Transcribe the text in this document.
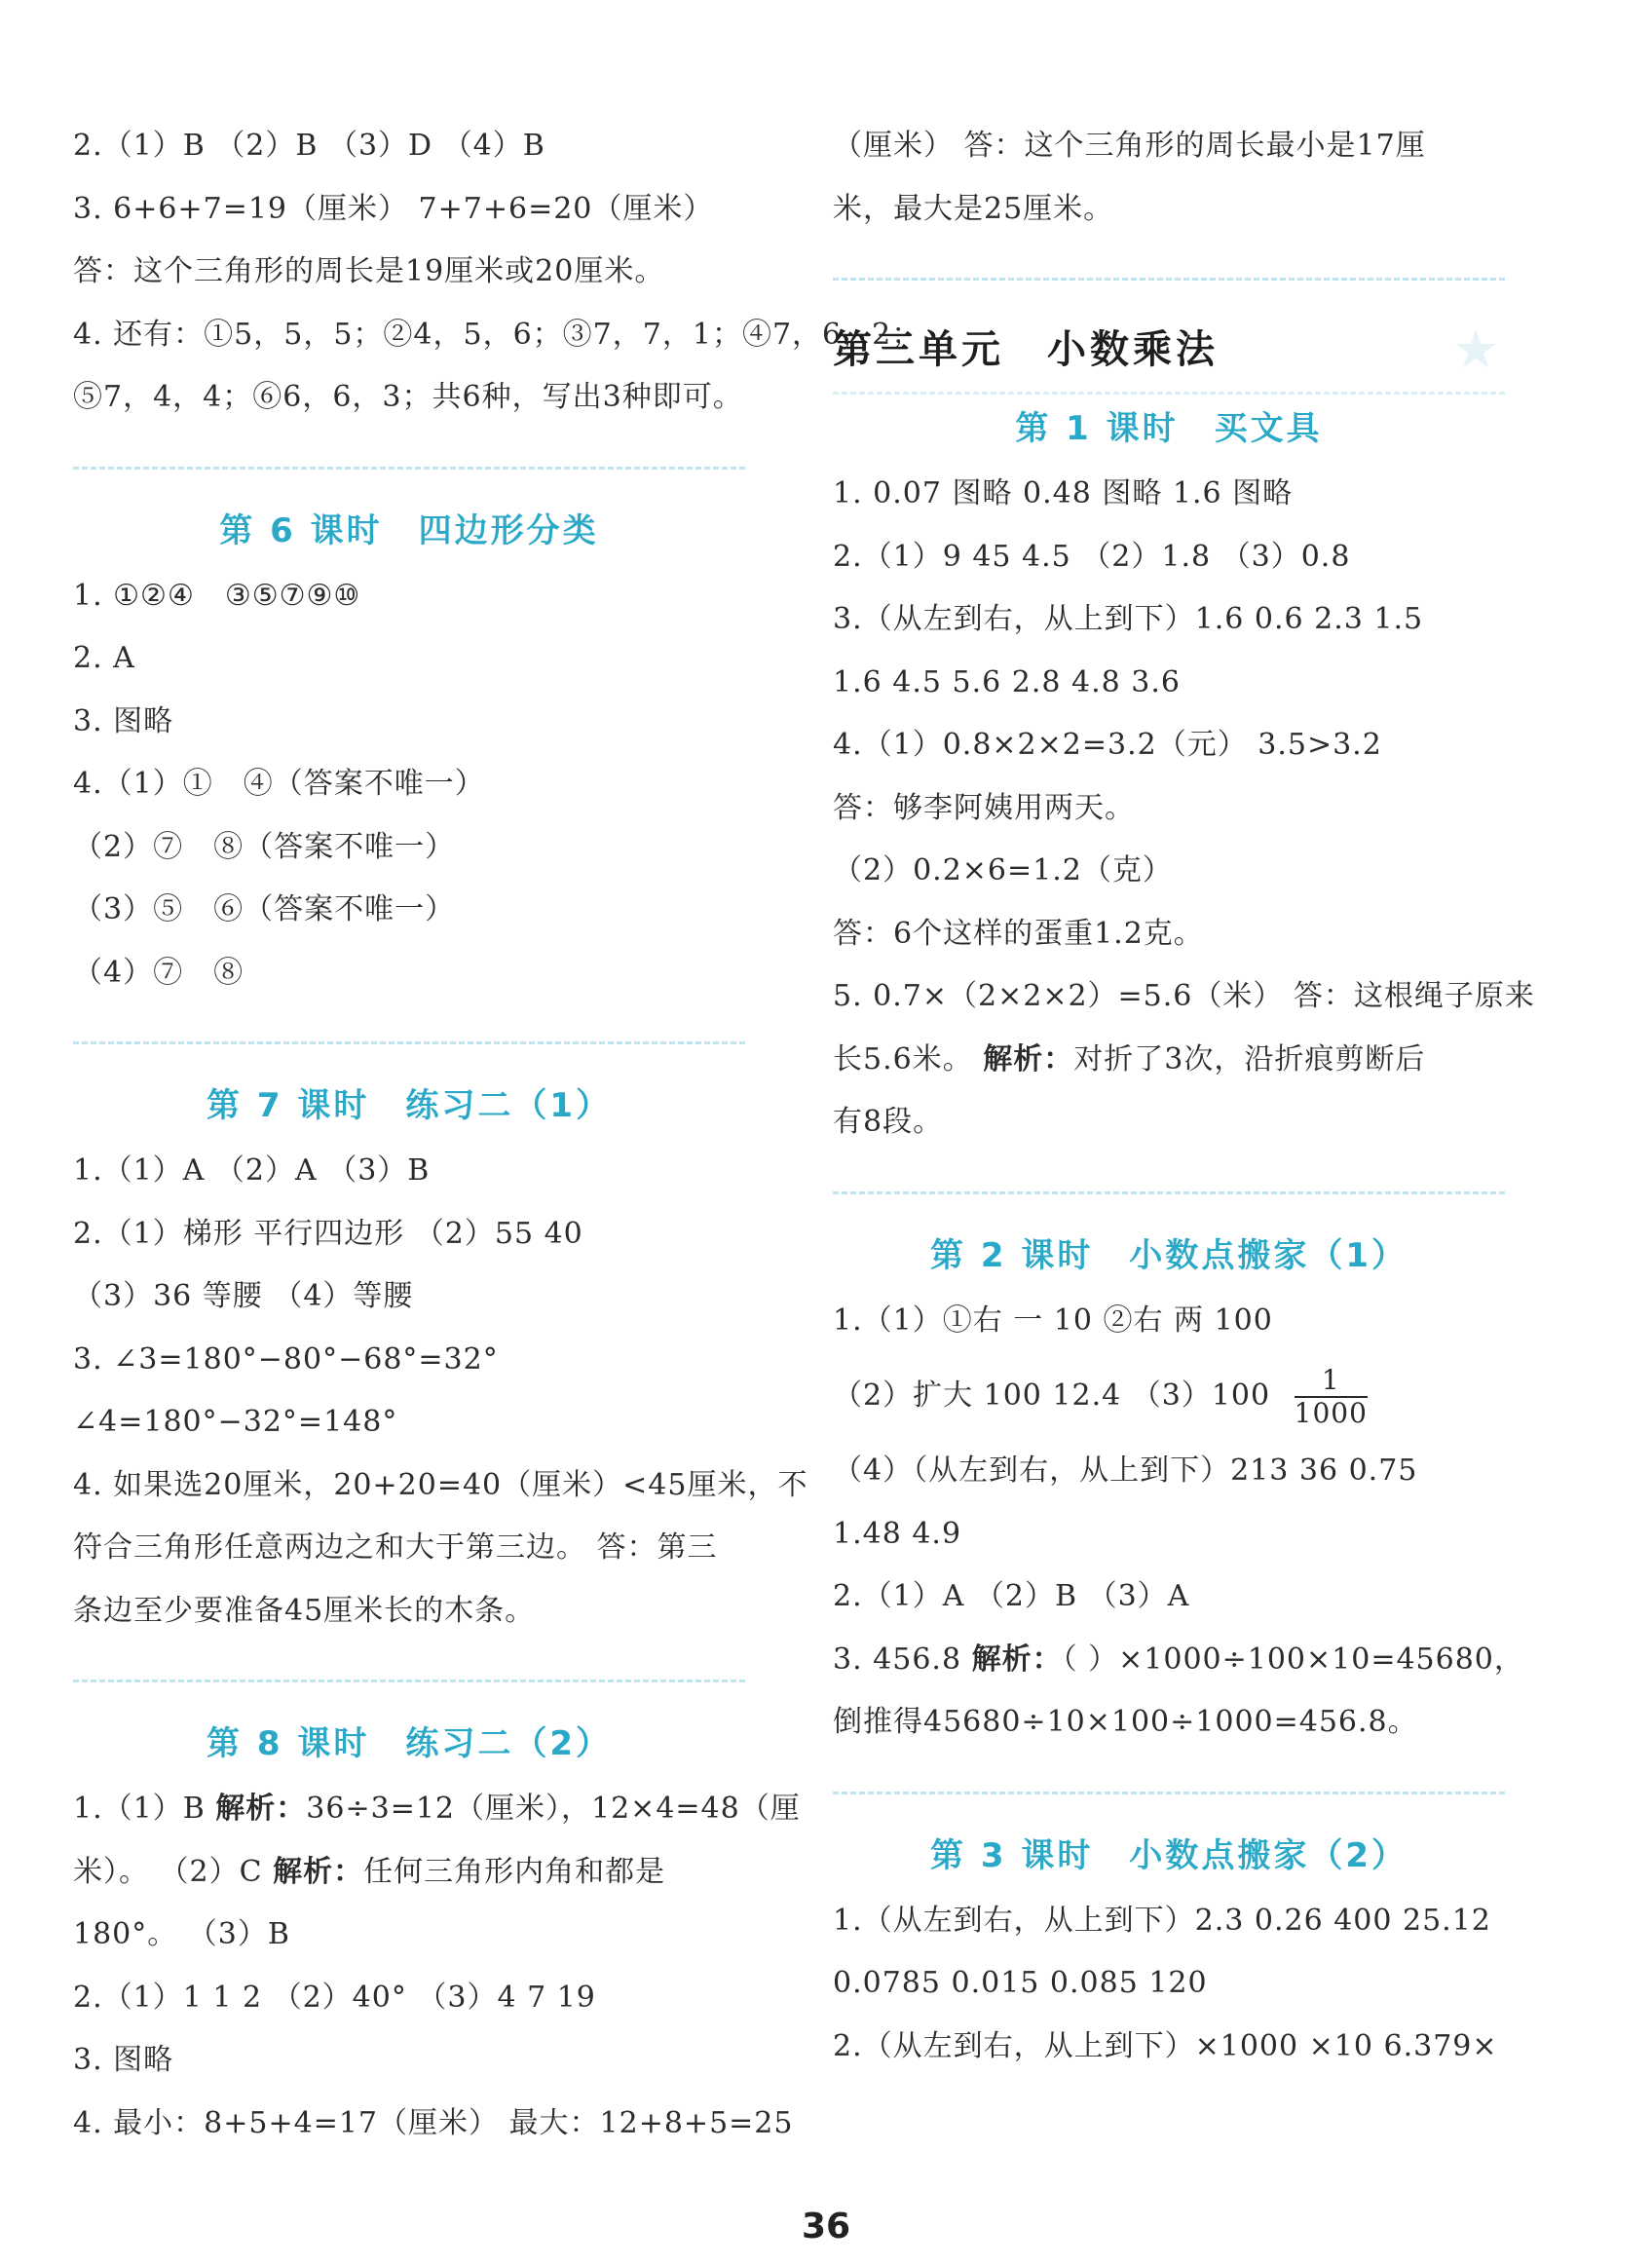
2.（1）B （2）B （3）D （4）B
3. 6+6+7=19（厘米） 7+7+6=20（厘米）
答：这个三角形的周长是19厘米或20厘米。
4. 还有：①5，5，5；②4，5，6；③7，7，1；④7，6，2；
⑤7，4，4；⑥6，6，3；共6种，写出3种即可。
第 6 课时　四边形分类
1. ①②④　③⑤⑦⑨⑩
2. A
3. 图略
4.（1）①　④（答案不唯一）
（2）⑦　⑧（答案不唯一）
（3）⑤　⑥（答案不唯一）
（4）⑦　⑧
第 7 课时　练习二（1）
1.（1）A （2）A （3）B
2.（1）梯形 平行四边形 （2）55 40
（3）36 等腰 （4）等腰
3. ∠3=180°−80°−68°=32°
∠4=180°−32°=148°
4. 如果选20厘米，20+20=40（厘米）<45厘米，不
符合三角形任意两边之和大于第三边。 答：第三
条边至少要准备45厘米长的木条。
第 8 课时　练习二（2）
1.（1）B 解析：36÷3=12（厘米），12×4=48（厘
米）。 （2）C 解析：任何三角形内角和都是
180°。 （3）B
2.（1）1 1 2 （2）40° （3）4 7 19
3. 图略
4. 最小：8+5+4=17（厘米） 最大：12+8+5=25
（厘米） 答：这个三角形的周长最小是17厘
米，最大是25厘米。
第三单元　小数乘法	★
第 1 课时　买文具
1. 0.07 图略 0.48 图略 1.6 图略
2.（1）9 45 4.5 （2）1.8 （3）0.8
3.（从左到右，从上到下）1.6 0.6 2.3 1.5
1.6 4.5 5.6 2.8 4.8 3.6
4.（1）0.8×2×2=3.2（元） 3.5>3.2
答：够李阿姨用两天。
（2）0.2×6=1.2（克）
答：6个这样的蛋重1.2克。
5. 0.7×（2×2×2）=5.6（米） 答：这根绳子原来
长5.6米。 解析：对折了3次，沿折痕剪断后
有8段。
第 2 课时　小数点搬家（1）
1.（1）①右 一 10 ②右 两 100
（2）扩大 100 12.4 $(3)100 \frac{1}{1000}$
（4）（从左到右，从上到下）213 36 0.75
1.48 4.9
2.（1）A （2）B （3）A
3. 456.8 解析：（ ）×1000÷100×10=45680，
倒推得45680÷10×100÷1000=456.8。
第 3 课时　小数点搬家（2）
1.（从左到右，从上到下）2.3 0.26 400 25.12
0.0785 0.015 0.085 120
2.（从左到右，从上到下）×1000 ×10 6.379×
36
